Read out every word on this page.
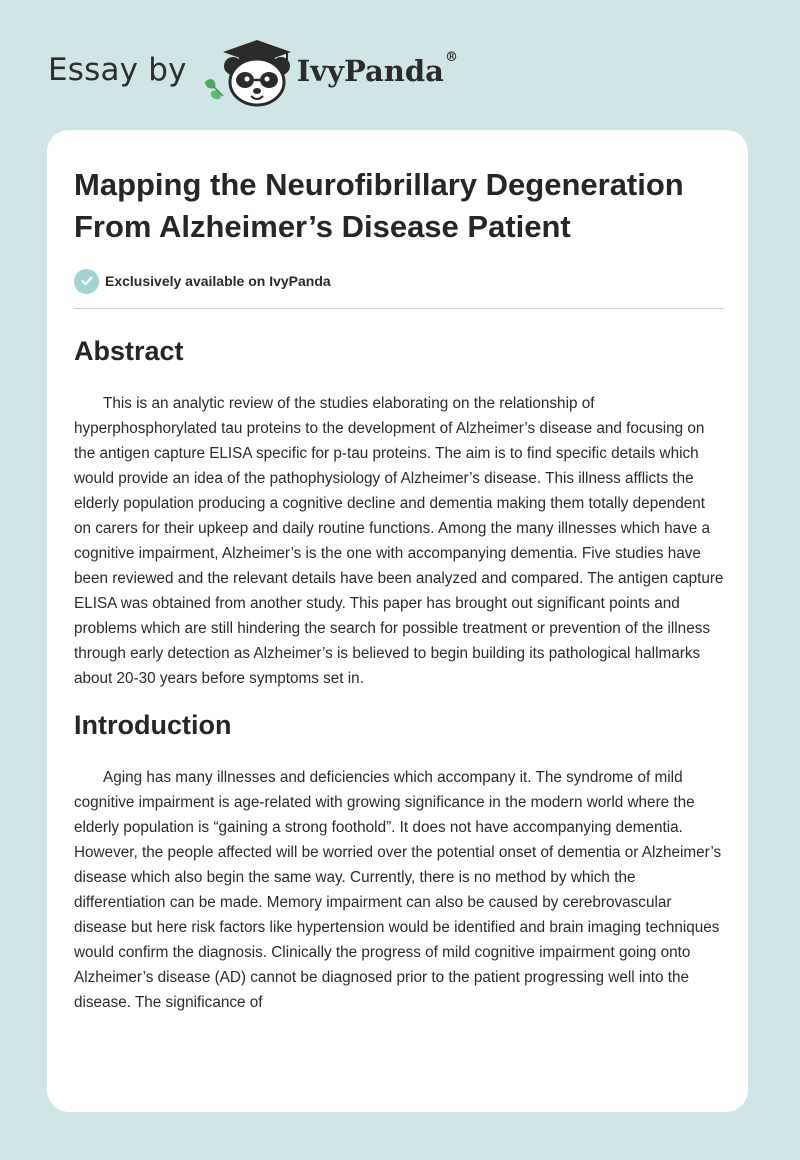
Essay by	IvyPanda®
Mapping the Neurofibrillary Degeneration From Alzheimer’s Disease Patient
Exclusively available on IvyPanda
Abstract

This is an analytic review of the studies elaborating on the relationship of hyperphosphorylated tau proteins to the development of Alzheimer’s disease and focusing on the antigen capture ELISA specific for p-tau proteins. The aim is to find specific details which would provide an idea of the pathophysiology of Alzheimer’s disease. This illness afflicts the elderly population producing a cognitive decline and dementia making them totally dependent on carers for their upkeep and daily routine functions. Among the many illnesses which have a cognitive impairment, Alzheimer’s is the one with accompanying dementia. Five studies have been reviewed and the relevant details have been analyzed and compared. The antigen capture ELISA was obtained from another study. This paper has brought out significant points and problems which are still hindering the search for possible treatment or prevention of the illness through early detection as Alzheimer’s is believed to begin building its pathological hallmarks about 20-30 years before symptoms set in.

Introduction

Aging has many illnesses and deficiencies which accompany it. The syndrome of mild cognitive impairment is age-related with growing significance in the modern world where the elderly population is “gaining a strong foothold”. It does not have accompanying dementia. However, the people affected will be worried over the potential onset of dementia or Alzheimer’s disease which also begin the same way. Currently, there is no method by which the differentiation can be made. Memory impairment can also be caused by cerebrovascular disease but here risk factors like hypertension would be identified and brain imaging techniques would confirm the diagnosis. Clinically the progress of mild cognitive impairment going onto Alzheimer’s disease (AD) cannot be diagnosed prior to the patient progressing well into the disease. The significance of
